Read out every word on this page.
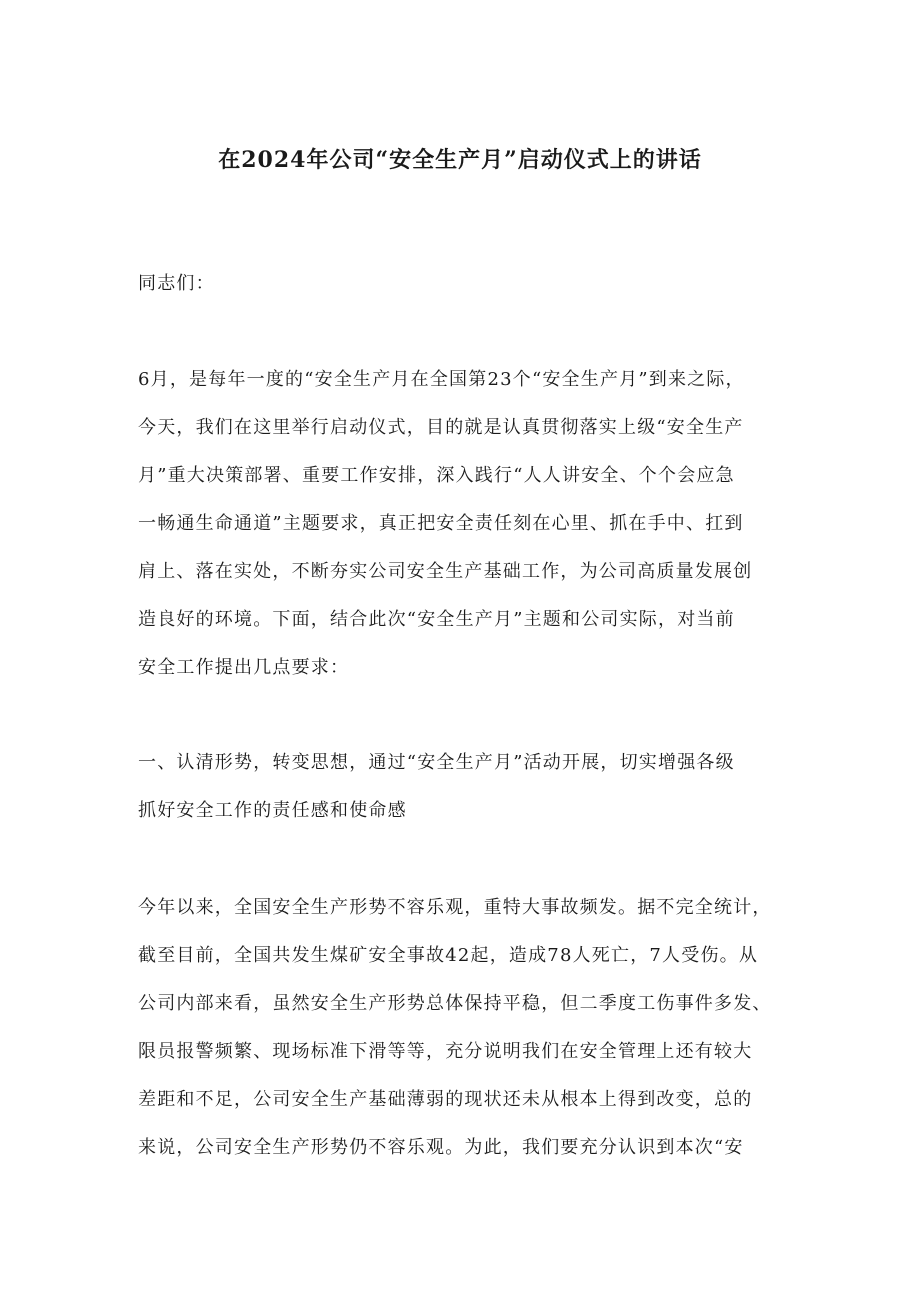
在2024年公司“安全生产月”启动仪式上的讲话
同志们：
6月，是每年一度的“安全生产月在全国第23个“安全生产月”到来之际，
今天，我们在这里举行启动仪式，目的就是认真贯彻落实上级“安全生产
月”重大决策部署、重要工作安排，深入践行“人人讲安全、个个会应急
一畅通生命通道”主题要求，真正把安全责任刻在心里、抓在手中、扛到
肩上、落在实处，不断夯实公司安全生产基础工作，为公司高质量发展创
造良好的环境。下面，结合此次“安全生产月”主题和公司实际，对当前
安全工作提出几点要求：
一、认清形势，转变思想，通过“安全生产月”活动开展，切实增强各级
抓好安全工作的责任感和使命感
今年以来，全国安全生产形势不容乐观，重特大事故频发。据不完全统计，
截至目前，全国共发生煤矿安全事故42起，造成78人死亡，7人受伤。从
公司内部来看，虽然安全生产形势总体保持平稳，但二季度工伤事件多发、
限员报警频繁、现场标准下滑等等，充分说明我们在安全管理上还有较大
差距和不足，公司安全生产基础薄弱的现状还未从根本上得到改变，总的
来说，公司安全生产形势仍不容乐观。为此，我们要充分认识到本次“安
